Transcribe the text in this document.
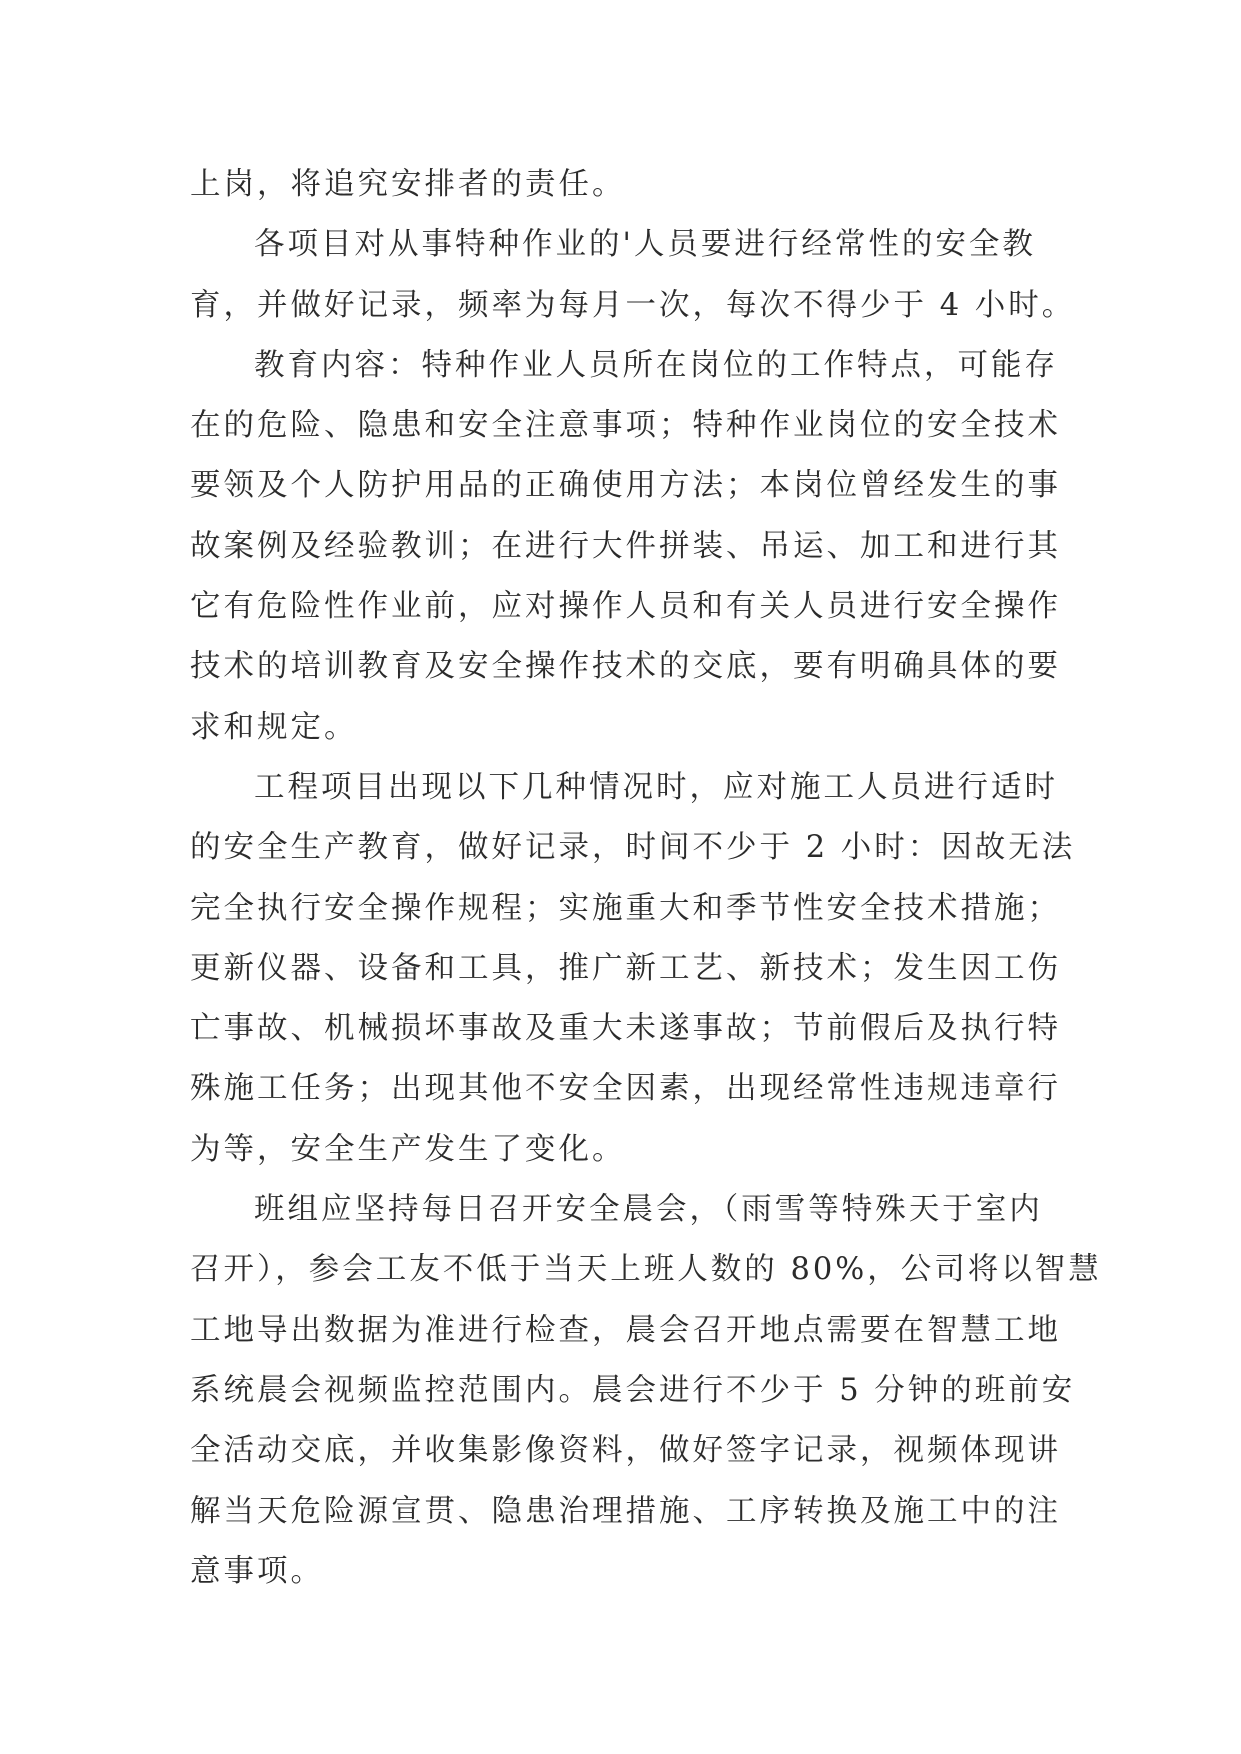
上岗，将追究安排者的责任。
各项目对从事特种作业的'人员要进行经常性的安全教
育，并做好记录，频率为每月一次，每次不得少于 4 小时。
教育内容：特种作业人员所在岗位的工作特点，可能存
在的危险、隐患和安全注意事项；特种作业岗位的安全技术
要领及个人防护用品的正确使用方法；本岗位曾经发生的事
故案例及经验教训；在进行大件拼装、吊运、加工和进行其
它有危险性作业前，应对操作人员和有关人员进行安全操作
技术的培训教育及安全操作技术的交底，要有明确具体的要
求和规定。
工程项目出现以下几种情况时，应对施工人员进行适时
的安全生产教育，做好记录，时间不少于 2 小时：因故无法
完全执行安全操作规程；实施重大和季节性安全技术措施；
更新仪器、设备和工具，推广新工艺、新技术；发生因工伤
亡事故、机械损坏事故及重大未遂事故；节前假后及执行特
殊施工任务；出现其他不安全因素，出现经常性违规违章行
为等，安全生产发生了变化。
班组应坚持每日召开安全晨会，（雨雪等特殊天于室内
召开），参会工友不低于当天上班人数的 80%，公司将以智慧
工地导出数据为准进行检查，晨会召开地点需要在智慧工地
系统晨会视频监控范围内。晨会进行不少于 5 分钟的班前安
全活动交底，并收集影像资料，做好签字记录，视频体现讲
解当天危险源宣贯、隐患治理措施、工序转换及施工中的注
意事项。
